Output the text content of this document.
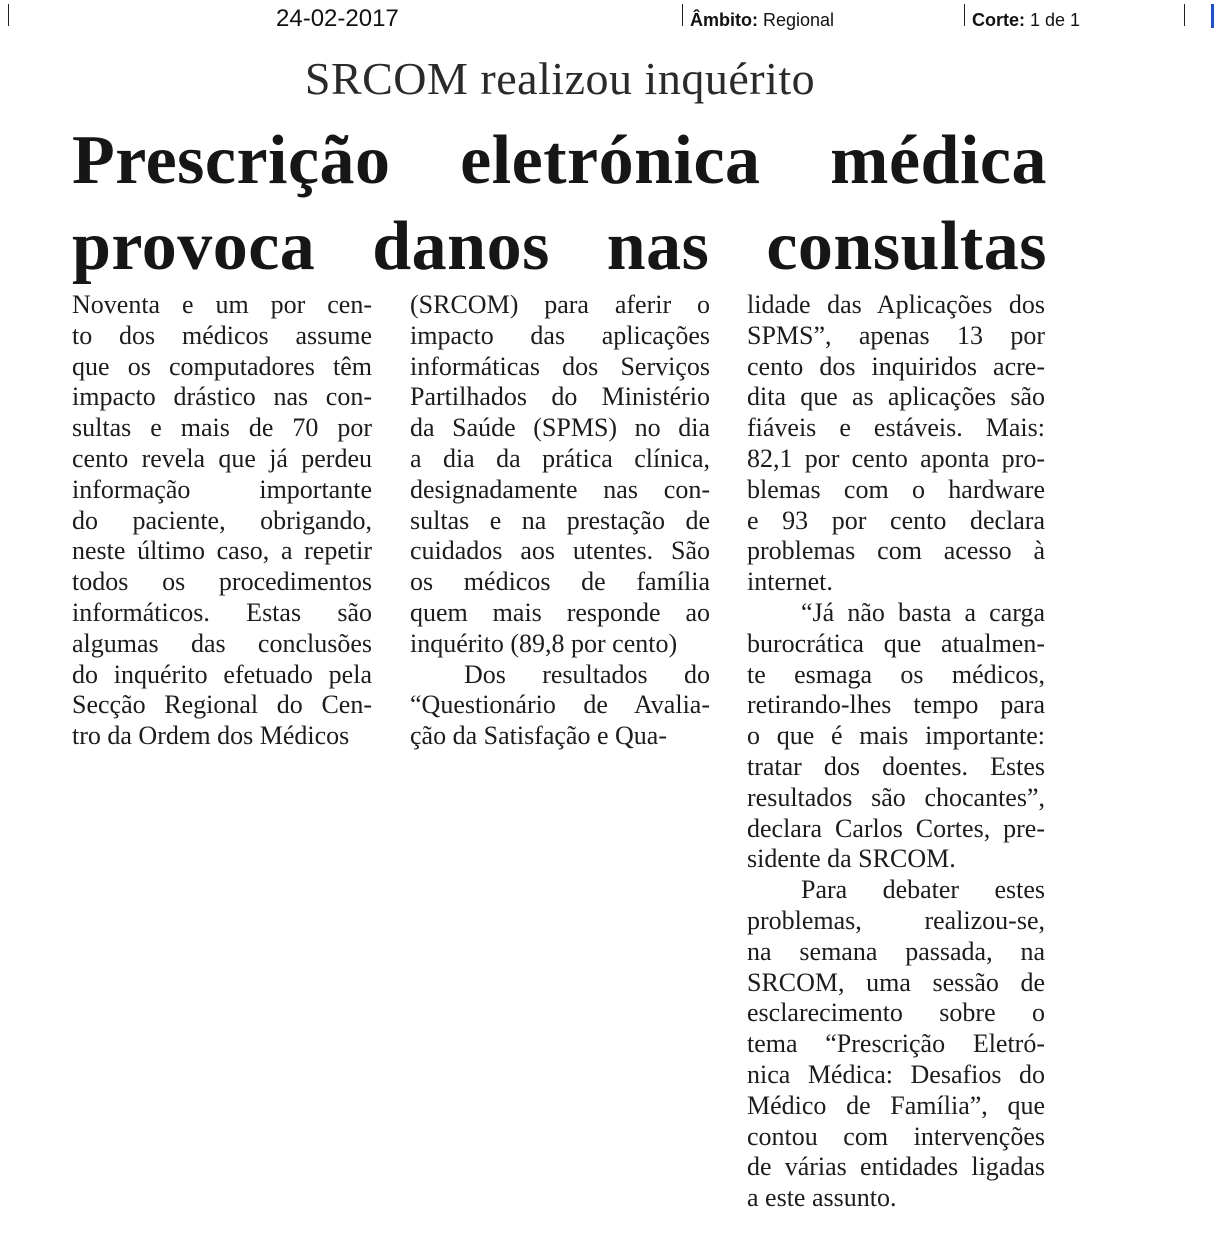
24-02-2017	Âmbito: Regional	Corte: 1 de 1
SRCOM realizou inquérito
Prescrição eletrónica médica
provoca danos nas consultas
Noventa e um por cen-
to dos médicos assume
que os computadores têm
impacto drástico nas con-
sultas e mais de 70 por
cento revela que já perdeu
informação importante
do paciente, obrigando,
neste último caso, a repetir
todos os procedimentos
informáticos. Estas são
algumas das conclusões
do inquérito efetuado pela
Secção Regional do Cen-
tro da Ordem dos Médicos
(SRCOM) para aferir o
impacto das aplicações
informáticas dos Serviços
Partilhados do Ministério
da Saúde (SPMS) no dia
a dia da prática clínica,
designadamente nas con-
sultas e na prestação de
cuidados aos utentes. São
os médicos de família
quem mais responde ao
inquérito (89,8 por cento)
Dos resultados do
“Questionário de Avalia-
ção da Satisfação e Qua-
lidade das Aplicações dos
SPMS”, apenas 13 por
cento dos inquiridos acre-
dita que as aplicações são
fiáveis e estáveis. Mais:
82,1 por cento aponta pro-
blemas com o hardware
e 93 por cento declara
problemas com acesso à
internet.
“Já não basta a carga
burocrática que atualmen-
te esmaga os médicos,
retirando-lhes tempo para
o que é mais importante:
tratar dos doentes. Estes
resultados são chocantes”,
declara Carlos Cortes, pre-
sidente da SRCOM.
Para debater estes
problemas, realizou-se,
na semana passada, na
SRCOM, uma sessão de
esclarecimento sobre o
tema “Prescrição Eletró-
nica Médica: Desafios do
Médico de Família”, que
contou com intervenções
de várias entidades ligadas
a este assunto.
